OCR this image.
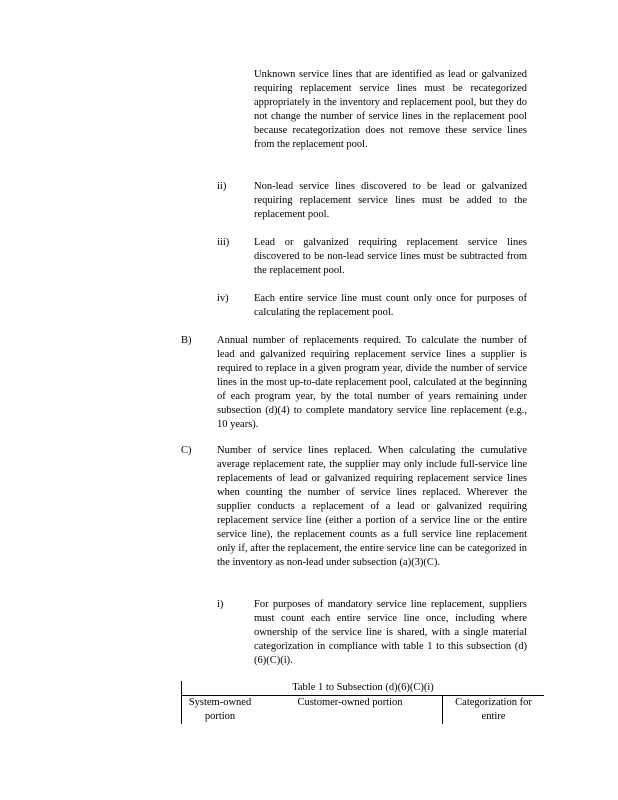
Unknown service lines that are identified as lead or galvanized requiring replacement service lines must be recategorized appropriately in the inventory and replacement pool, but they do not change the number of service lines in the replacement pool because recategorization does not remove these service lines from the replacement pool.
ii)	Non-lead service lines discovered to be lead or galvanized requiring replacement service lines must be added to the replacement pool.
iii) Lead or galvanized requiring replacement service lines discovered to be non-lead service lines must be subtracted from the replacement pool.
iv) Each entire service line must count only once for purposes of calculating the replacement pool.
B) Annual number of replacements required. To calculate the number of lead and galvanized requiring replacement service lines a supplier is required to replace in a given program year, divide the number of service lines in the most up-to-date replacement pool, calculated at the beginning of each program year, by the total number of years remaining under subsection (d)(4) to complete mandatory service line replacement (e.g., 10 years).
C) Number of service lines replaced. When calculating the cumulative average replacement rate, the supplier may only include full-service line replacements of lead or galvanized requiring replacement service lines when counting the number of service lines replaced. Wherever the supplier conducts a replacement of a lead or galvanized requiring replacement service line (either a portion of a service line or the entire service line), the replacement counts as a full service line replacement only if, after the replacement, the entire service line can be categorized in the inventory as non-lead under subsection (a)(3)(C).
i)	For purposes of mandatory service line replacement, suppliers must count each entire service line once, including where ownership of the service line is shared, with a single material categorization in compliance with table 1 to this subsection (d)(6)(C)(i).
Table 1 to Subsection (d)(6)(C)(i)
System-owned portion	Customer-owned portion	Categorization for entire
